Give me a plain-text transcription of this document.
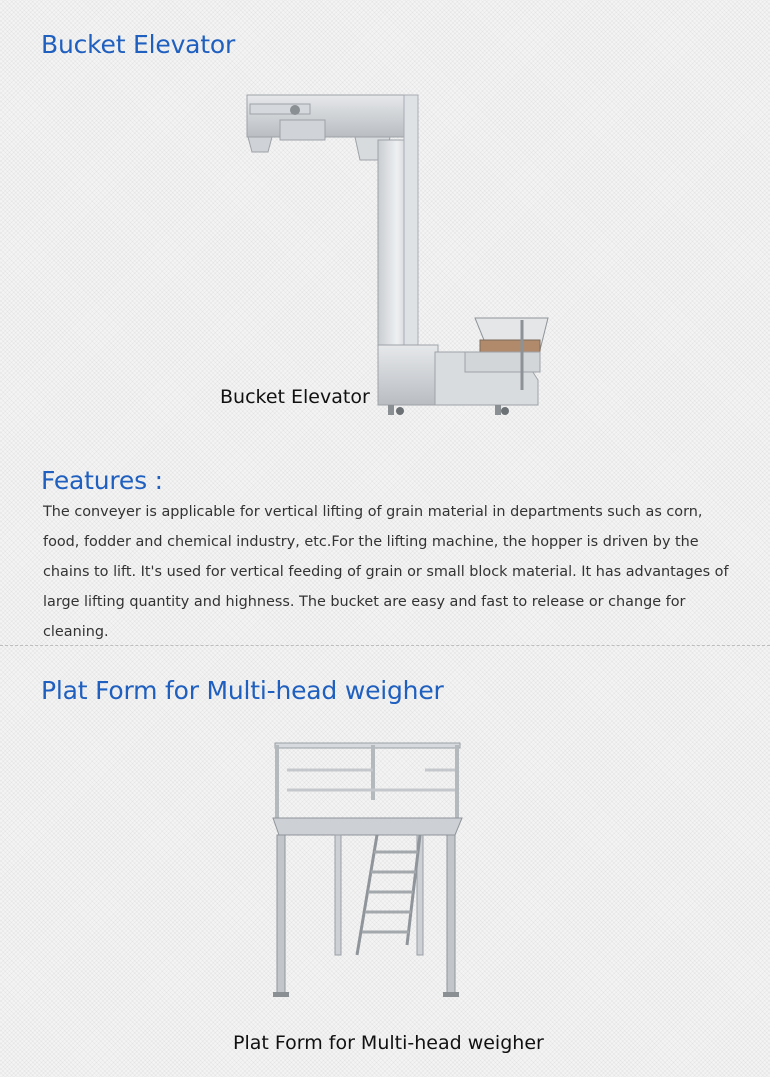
Bucket Elevator
Bucket Elevator
Features :

The conveyer is applicable for vertical lifting of grain material in departments such as corn, food, fodder and chemical industry, etc.For the lifting machine, the hopper is driven by the chains to lift. It's used for vertical feeding of grain or small block material. It has advantages of large lifting quantity and highness. The bucket are easy and fast to release or change for cleaning.

Plat Form for Multi-head weigher
Plat Form for Multi-head weigher
